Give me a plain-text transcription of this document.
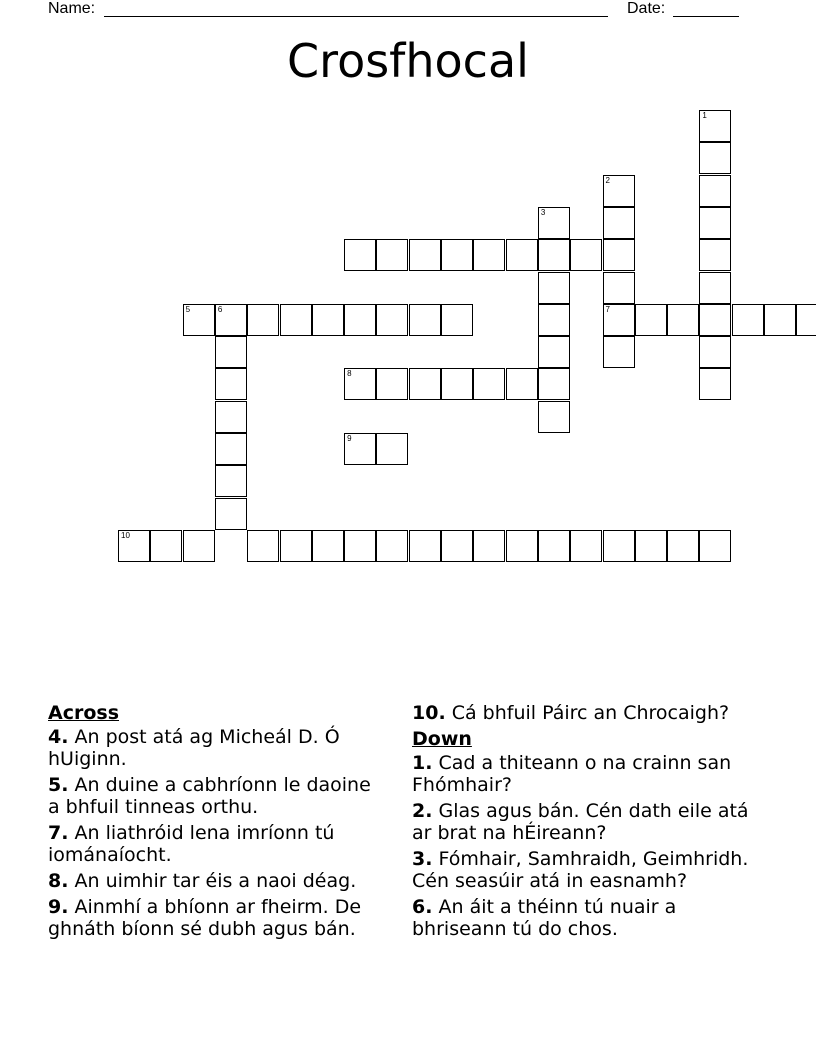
Name:	Date:
Crosfhocal
1
2
7
3
5	6
8
9
10
Across
4. An post atá ag Micheál D. Ó hUiginn.
5. An duine a cabhríonn le daoine a bhfuil tinneas orthu.
7. An liathróid lena imríonn tú iománaíocht.
8. An uimhir tar éis a naoi déag.
9. Ainmhí a bhíonn ar fheirm. De ghnáth bíonn sé dubh agus bán.
10. Cá bhfuil Páirc an Chrocaigh?
Down
1. Cad a thiteann o na crainn san Fhómhair?
2. Glas agus bán. Cén dath eile atá ar brat na hÉireann?
3. Fómhair, Samhraidh, Geimhridh. Cén seasúir atá in easnamh?
6. An áit a théinn tú nuair a bhriseann tú do chos.
